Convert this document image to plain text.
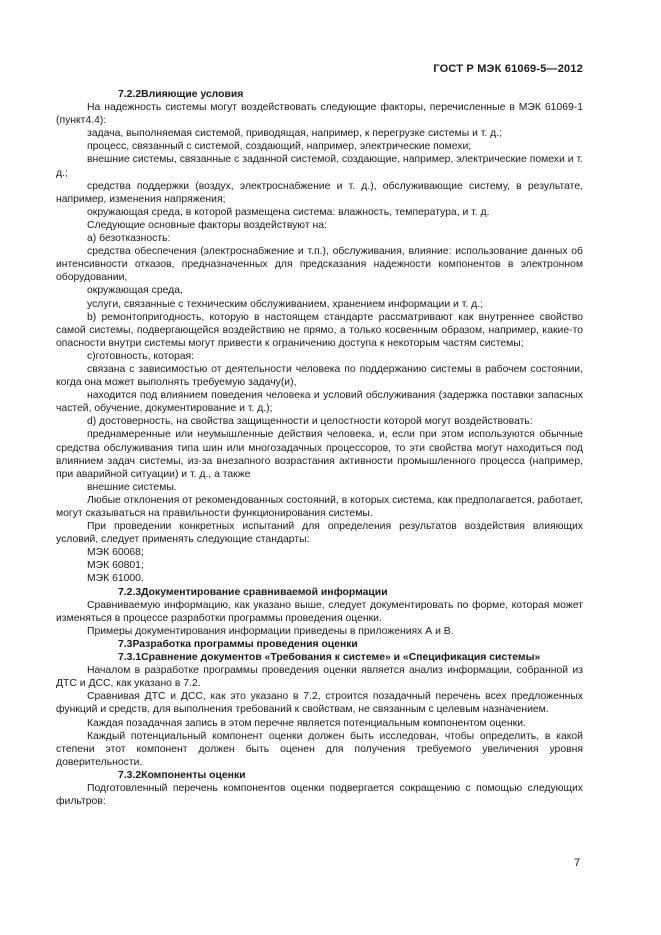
ГОСТ Р МЭК 61069-5—2012

7.2.2Влияющие условия

На надежность системы могут воздействовать следующие факторы, перечисленные в МЭК 61069-1 (пункт4.4):

задача, выполняемая системой, приводящая, например, к перегрузке системы и т. д.;

процесс, связанный с системой, создающий, например, электрические помехи;

внешние системы, связанные с заданной системой, создающие, например, электрические помехи и т. д.;

средства поддержки (воздух, электроснабжение и т. д.), обслуживающие систему, в результате, например, изменения напряжения;

окружающая среда, в которой размещена система: влажность, температура, и т. д.

Следующие основные факторы воздействуют на:

а) безотказность:

средства обеспечения (электроснабжение и т.п.), обслуживания, влияние: использование данных об интенсивности отказов, предназначенных для предсказания надежности компонентов в электронном оборудовании,

окружающая среда,

услуги, связанные с техническим обслуживанием, хранением информации и т. д.;

b) ремонтопригодность, которую в настоящем стандарте рассматривают как внутреннее свойство самой системы, подвергающейся воздействию не прямо, а только косвенным образом, например, какие-то опасности внутри системы могут привести к ограничению доступа к некоторым частям системы;

c)готовность, которая:

связана с зависимостью от деятельности человека по поддержанию системы в рабочем состоянии, когда она может выполнять требуемую задачу(и),

находится под влиянием поведения человека и условий обслуживания (задержка поставки запасных частей, обучение, документирование и т. д.);

d) достоверность, на свойства защищенности и целостности которой могут воздействовать:

преднамеренные или неумышленные действия человека, и, если при этом используются обычные средства обслуживания типа шин или многозадачных процессоров, то эти свойства могут находиться под влиянием задач системы, из-за внезапного возрастания активности промышленного процесса (например, при аварийной ситуации) и т. д., а также

внешние системы.

Любые отклонения от рекомендованных состояний, в которых система, как предполагается, работает, могут сказываться на правильности функционирования системы.

При проведении конкретных испытаний для определения результатов воздействия влияющих условий, следует применять следующие стандарты:

МЭК 60068;

МЭК 60801;

МЭК 61000.

7.2.3Документирование сравниваемой информации

Сравниваемую информацию, как указано выше, следует документировать по форме, которая может изменяться в процессе разработки программы проведения оценки.

Примеры документирования информации приведены в приложениях А и В.

7.3Разработка программы проведения оценки

7.3.1Сравнение документов «Требования к системе» и «Спецификация системы»

Началом в разработке программы проведения оценки является анализ информации, собранной из ДТС и ДСС, как указано в 7.2.

Сравнивая ДТС и ДСС, как это указано в 7.2, строится позадачный перечень всех предложенных функций и средств, для выполнения требований к свойствам, не связанным с целевым назначением.

Каждая позадачная запись в этом перечне является потенциальным компонентом оценки.

Каждый потенциальный компонент оценки должен быть исследован, чтобы определить, в какой степени этот компонент должен быть оценен для получения требуемого увеличения уровня доверительности.

7.3.2Компоненты оценки

Подготовленный перечень компонентов оценки подвергается сокращению с помощью следующих фильтров:

7
